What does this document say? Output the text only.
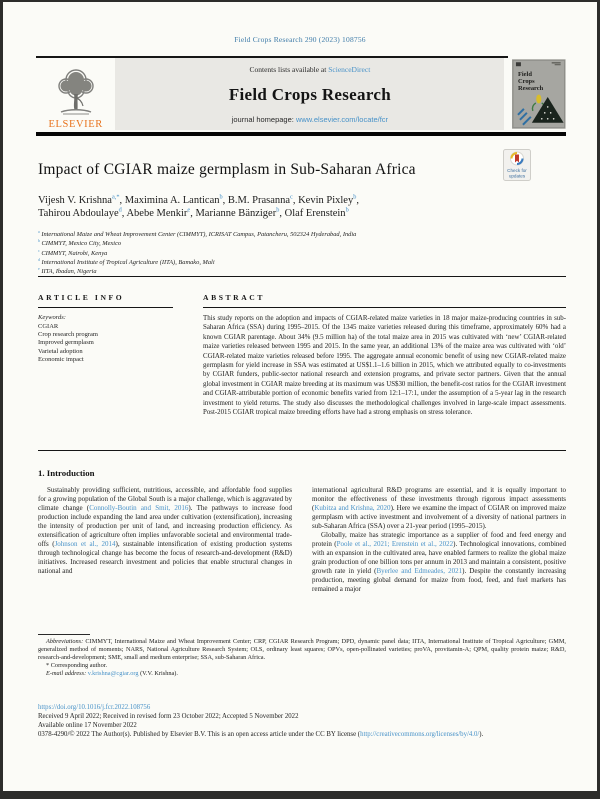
Field Crops Research 290 (2023) 108756
ELSEVIER
Contents lists available at ScienceDirect
Field Crops Research
journal homepage: www.elsevier.com/locate/fcr
Field
Crops
Research
Check for
updates
Impact of CGIAR maize germplasm in Sub-Saharan Africa
Vijesh V. Krishna$^{a,*}$, Maximina A. Lantican$^b$, B.M. Prasanna$^c$, Kevin Pixley$^b$,
Tahirou Abdoulaye$^d$, Abebe Menkir$^e$, Marianne Bänziger$^b$, Olaf Erenstein$^b$
$^a$ International Maize and Wheat Improvement Center (CIMMYT), ICRISAT Campus, Patancheru, 502324 Hyderabad, India
$^b$ CIMMYT, Mexico City, Mexico
$^c$ CIMMYT, Nairobi, Kenya
$^d$ International Institute of Tropical Agriculture (IITA), Bamako, Mali
$^e$ IITA, Ibadan, Nigeria
ARTICLE INFO
Keywords:
CGIAR
Crop research program
Improved germplasm
Varietal adoption
Economic impact
ABSTRACT

This study reports on the adoption and impacts of CGIAR-related maize varieties in 18 major maize-producing countries in sub-Saharan Africa (SSA) during 1995–2015. Of the 1345 maize varieties released during this timeframe, approximately 60% had a known CGIAR parentage. About 34% (9.5 million ha) of the total maize area in 2015 was cultivated with ‘new’ CGIAR-related maize varieties released between 1995 and 2015. In the same year, an additional 13% of the maize area was cultivated with ‘old’ CGIAR-related maize varieties released before 1995. The aggregate annual economic benefit of using new CGIAR-related maize germplasm for yield increase in SSA was estimated at US$1.1–1.6 billion in 2015, which we attributed equally to co-investments by CGIAR funders, public-sector national research and extension programs, and private sector partners. Given that the annual global investment in CGIAR maize breeding at its maximum was US$30 million, the benefit-cost ratios for the CGIAR investment and CGIAR-attributable portion of economic benefits varied from 12:1–17:1, under the assumption of a 5-year lag in the research investment to yield returns. The study also discusses the methodological challenges involved in large-scale impact assessments. Post-2015 CGIAR tropical maize breeding efforts have had a strong emphasis on stress tolerance.

1. Introduction

Sustainably providing sufficient, nutritious, accessible, and affordable food supplies for a growing population of the Global South is a major challenge, which is aggravated by climate change (Connolly-Boutin and Smit, 2016). The pathways to increase food production include expanding the land area under cultivation (extensification), increasing the intensity of production per unit of land, and increasing production efficiency. As extensification of agriculture often implies unfavorable societal and environmental trade-offs (Johnson et al., 2014), sustainable intensification of existing production systems through technological change has become the focus of research-and-development (R&D) initiatives. Increased research investment and policies that enable structural changes in national and

international agricultural R&D programs are essential, and it is equally important to monitor the effectiveness of these investments through rigorous impact assessments (Kubitza and Krishna, 2020). Here we examine the impact of CGIAR on improved maize germplasm with active investment and involvement of a diversity of national partners in sub-Saharan Africa (SSA) over a 21-year period (1995–2015).

Globally, maize has strategic importance as a supplier of food and feed energy and protein (Poole et al., 2021; Erenstein et al., 2022). Technological innovations, combined with an expansion in the cultivated area, have enabled farmers to realize the global maize grain production of one billion tons per annum in 2013 and maintain a consistent, positive growth rate in yield (Byerlee and Edmeades, 2021). Despite the constantly increasing production, meeting global demand for maize from food, feed, and fuel markets has remained a major

Abbreviations: CIMMYT, International Maize and Wheat Improvement Center; CRP, CGIAR Research Program; DPD, dynamic panel data; IITA, International Institute of Tropical Agriculture; GMM, generalized method of moments; NARS, National Agriculture Research System; OLS, ordinary least squares; OPVs, open-pollinated varieties; proVA, provitamin-A; QPM, quality protein maize; R&D, research-and-development; SME, small and medium enterprise; SSA, sub-Saharan Africa.

* Corresponding author.

E-mail address: v.krishna@cgiar.org (V.V. Krishna).

https://doi.org/10.1016/j.fcr.2022.108756

Received 9 April 2022; Received in revised form 23 October 2022; Accepted 5 November 2022

Available online 17 November 2022

0378-4290/© 2022 The Author(s). Published by Elsevier B.V. This is an open access article under the CC BY license (http://creativecommons.org/licenses/by/4.0/).
